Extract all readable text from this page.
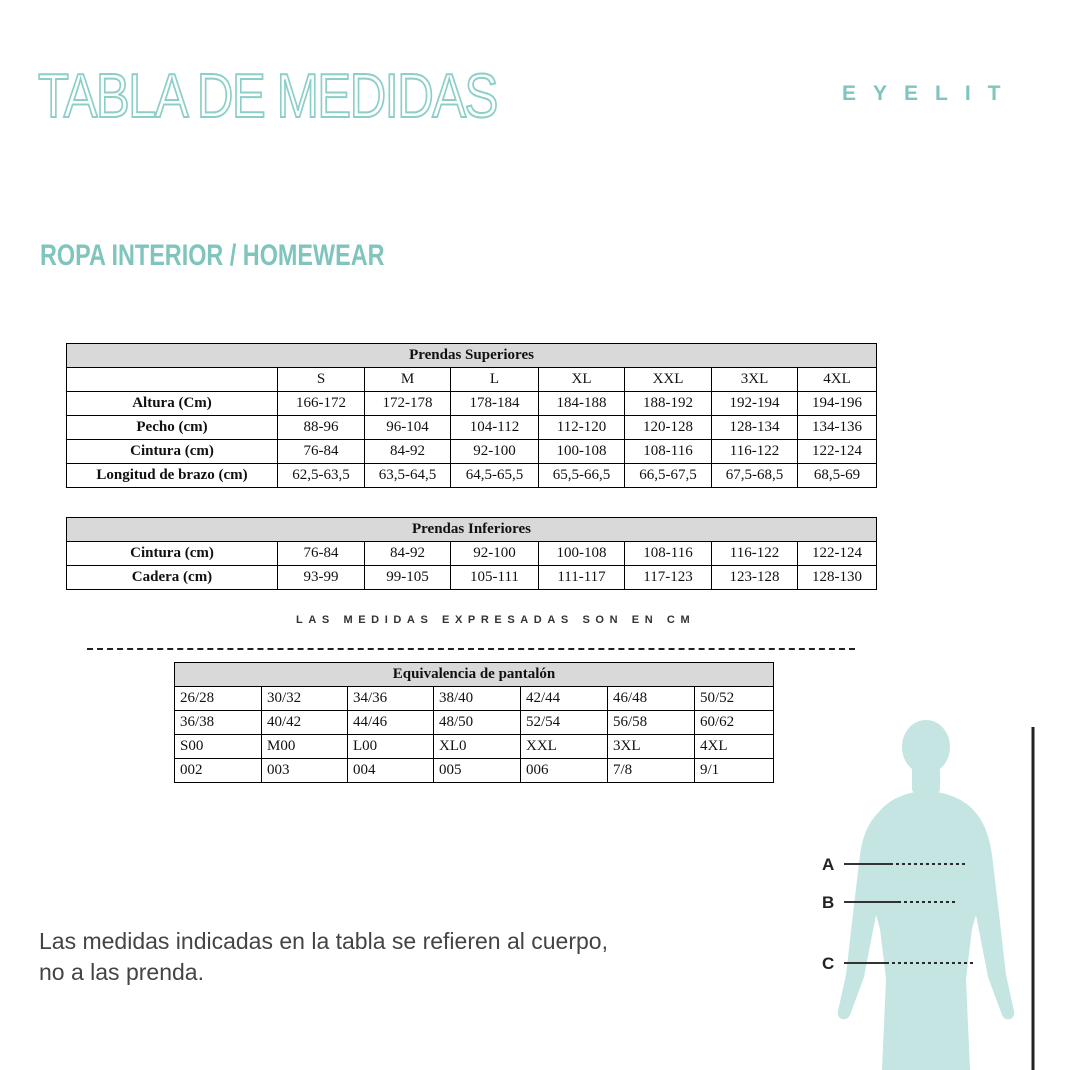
TABLA DE MEDIDAS	EYELIT
ROPA INTERIOR / HOMEWEAR
Prendas Superiores							
	S	M	L	XL	XXL	3XL	4XL
Altura (Cm)	166-172	172-178	178-184	184-188	188-192	192-194	194-196
Pecho (cm)	88-96	96-104	104-112	112-120	120-128	128-134	134-136
Cintura (cm)	76-84	84-92	92-100	100-108	108-116	116-122	122-124
Longitud de brazo (cm)	62,5-63,5	63,5-64,5	64,5-65,5	65,5-66,5	66,5-67,5	67,5-68,5	68,5-69
Prendas Inferiores							
Cintura (cm)	76-84	84-92	92-100	100-108	108-116	116-122	122-124
Cadera (cm)	93-99	99-105	105-111	111-117	117-123	123-128	128-130
LAS MEDIDAS EXPRESADAS SON EN CM
Equivalencia de pantalón						
26/28	30/32	34/36	38/40	42/44	46/48	50/52
36/38	40/42	44/46	48/50	52/54	56/58	60/62
S00	M00	L00	XL0	XXL	3XL	4XL
002	003	004	005	006	7/8	9/1
Las medidas indicadas en la tabla se refieren al cuerpo,
no a las prenda.
A
B
C
